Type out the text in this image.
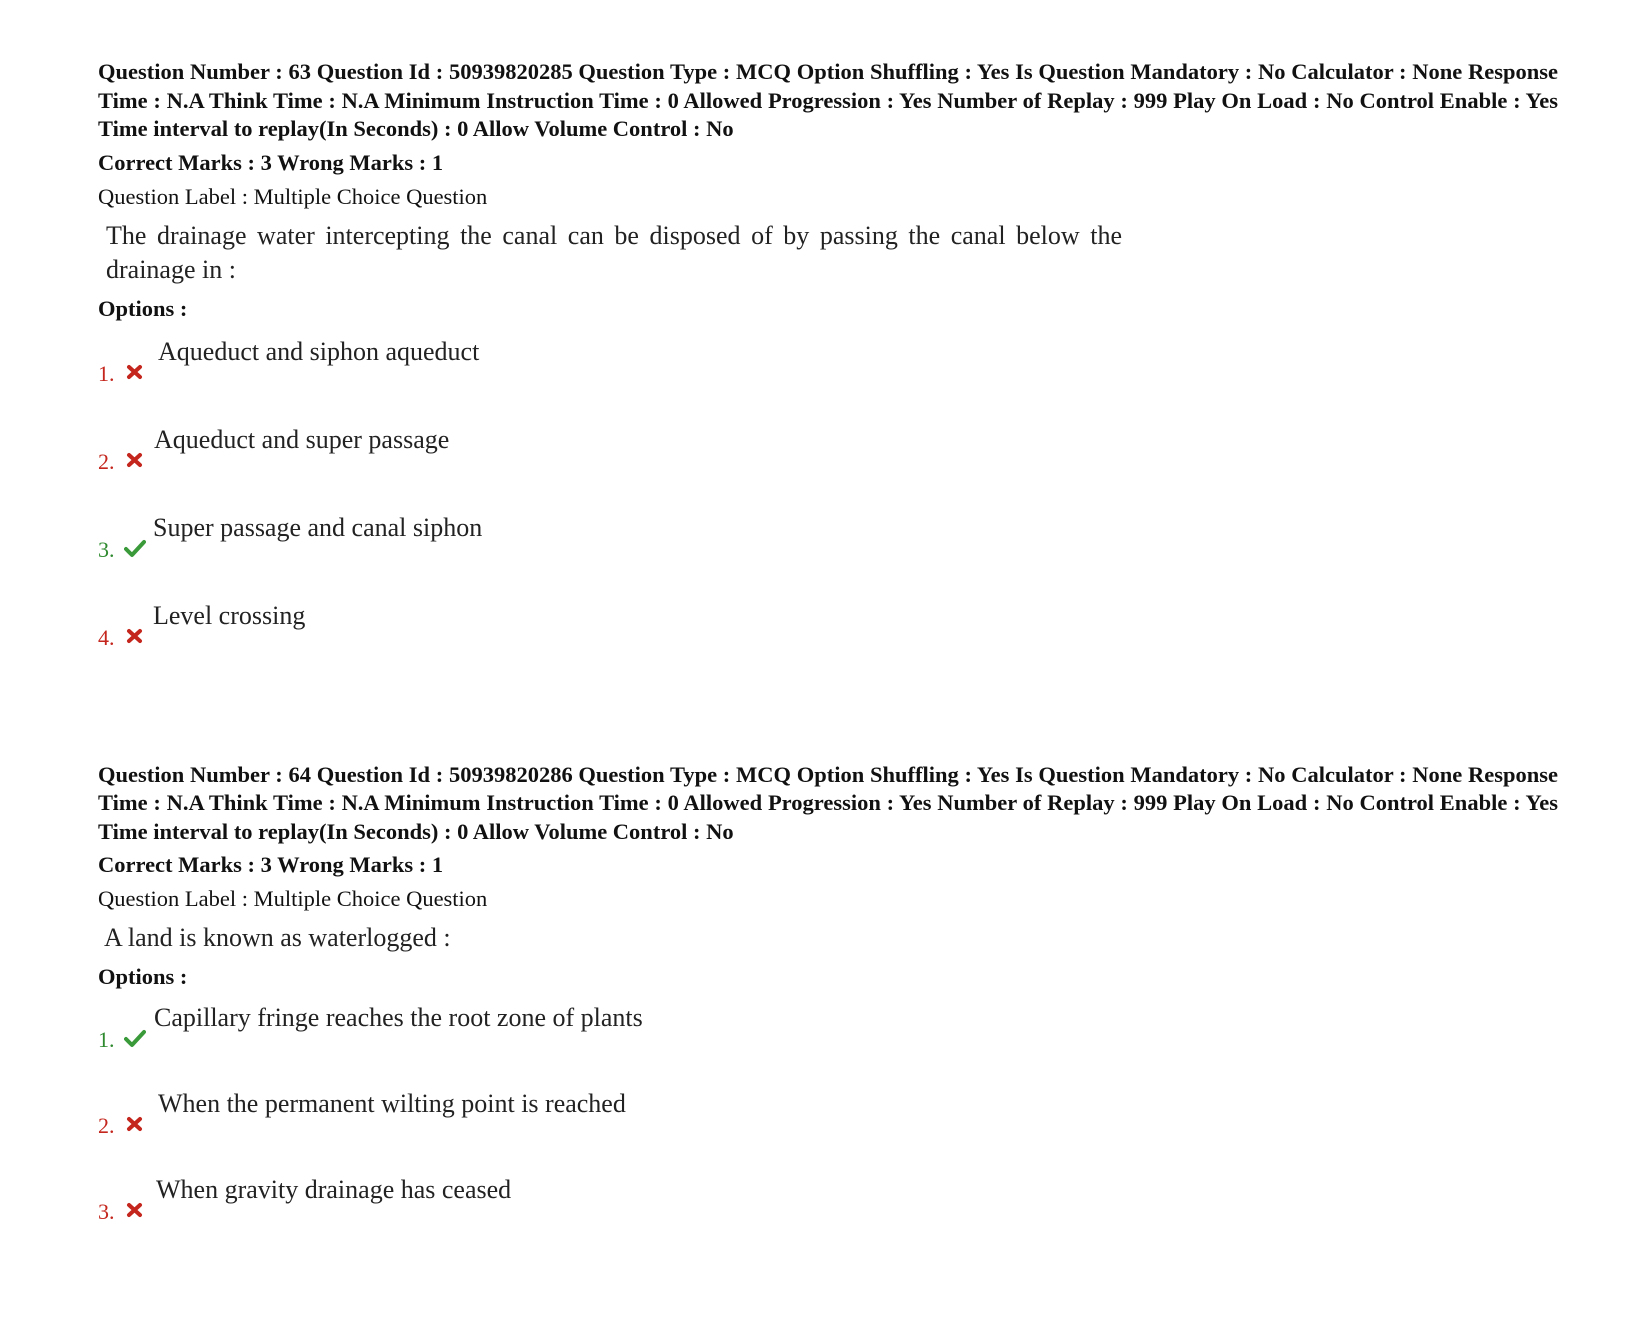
Question Number : 63 Question Id : 50939820285 Question Type : MCQ Option Shuffling : Yes Is Question Mandatory : No Calculator : None Response Time : N.A Think Time : N.A Minimum Instruction Time : 0 Allowed Progression : Yes Number of Replay : 999 Play On Load : No Control Enable : Yes Time interval to replay(In Seconds) : 0 Allow Volume Control : No
Correct Marks : 3 Wrong Marks : 1
Question Label : Multiple Choice Question
The drainage water intercepting the canal can be disposed of by passing the canal below the drainage in :
Options :
1.
Aqueduct and siphon aqueduct
2.
Aqueduct and super passage
3.
Super passage and canal siphon
4.
Level crossing
Question Number : 64 Question Id : 50939820286 Question Type : MCQ Option Shuffling : Yes Is Question Mandatory : No Calculator : None Response Time : N.A Think Time : N.A Minimum Instruction Time : 0 Allowed Progression : Yes Number of Replay : 999 Play On Load : No Control Enable : Yes Time interval to replay(In Seconds) : 0 Allow Volume Control : No
Correct Marks : 3 Wrong Marks : 1
Question Label : Multiple Choice Question
A land is known as waterlogged :
Options :
1.
Capillary fringe reaches the root zone of plants
2.
When the permanent wilting point is reached
3.
When gravity drainage has ceased
